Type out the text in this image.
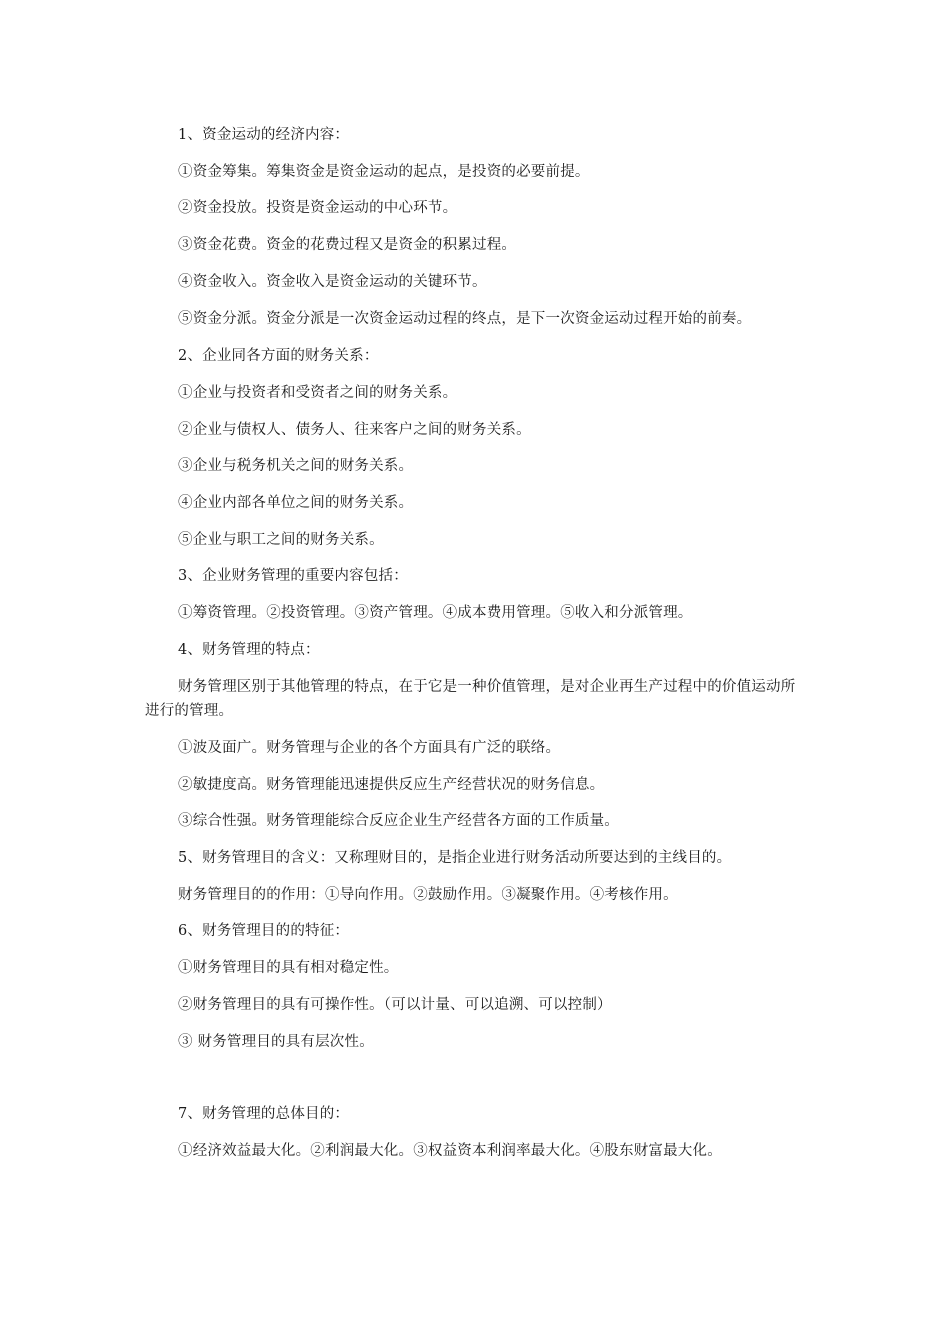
1、资金运动的经济内容：

①资金筹集。筹集资金是资金运动的起点，是投资的必要前提。

②资金投放。投资是资金运动的中心环节。

③资金花费。资金的花费过程又是资金的积累过程。

④资金收入。资金收入是资金运动的关键环节。

⑤资金分派。资金分派是一次资金运动过程的终点，是下一次资金运动过程开始的前奏。

2、企业同各方面的财务关系：

①企业与投资者和受资者之间的财务关系。

②企业与债权人、债务人、往来客户之间的财务关系。

③企业与税务机关之间的财务关系。

④企业内部各单位之间的财务关系。

⑤企业与职工之间的财务关系。

3、企业财务管理的重要内容包括：

①筹资管理。②投资管理。③资产管理。④成本费用管理。⑤收入和分派管理。

4、财务管理的特点：

财务管理区别于其他管理的特点，在于它是一种价值管理，是对企业再生产过程中的价值运动所进行的管理。

①波及面广。财务管理与企业的各个方面具有广泛的联络。

②敏捷度高。财务管理能迅速提供反应生产经营状况的财务信息。

③综合性强。财务管理能综合反应企业生产经营各方面的工作质量。

5、财务管理目的含义：又称理财目的，是指企业进行财务活动所要达到的主线目的。

财务管理目的的作用：①导向作用。②鼓励作用。③凝聚作用。④考核作用。

6、财务管理目的的特征：

①财务管理目的具有相对稳定性。

②财务管理目的具有可操作性。（可以计量、可以追溯、可以控制）

③ 财务管理目的具有层次性。

7、财务管理的总体目的：

①经济效益最大化。②利润最大化。③权益资本利润率最大化。④股东财富最大化。
